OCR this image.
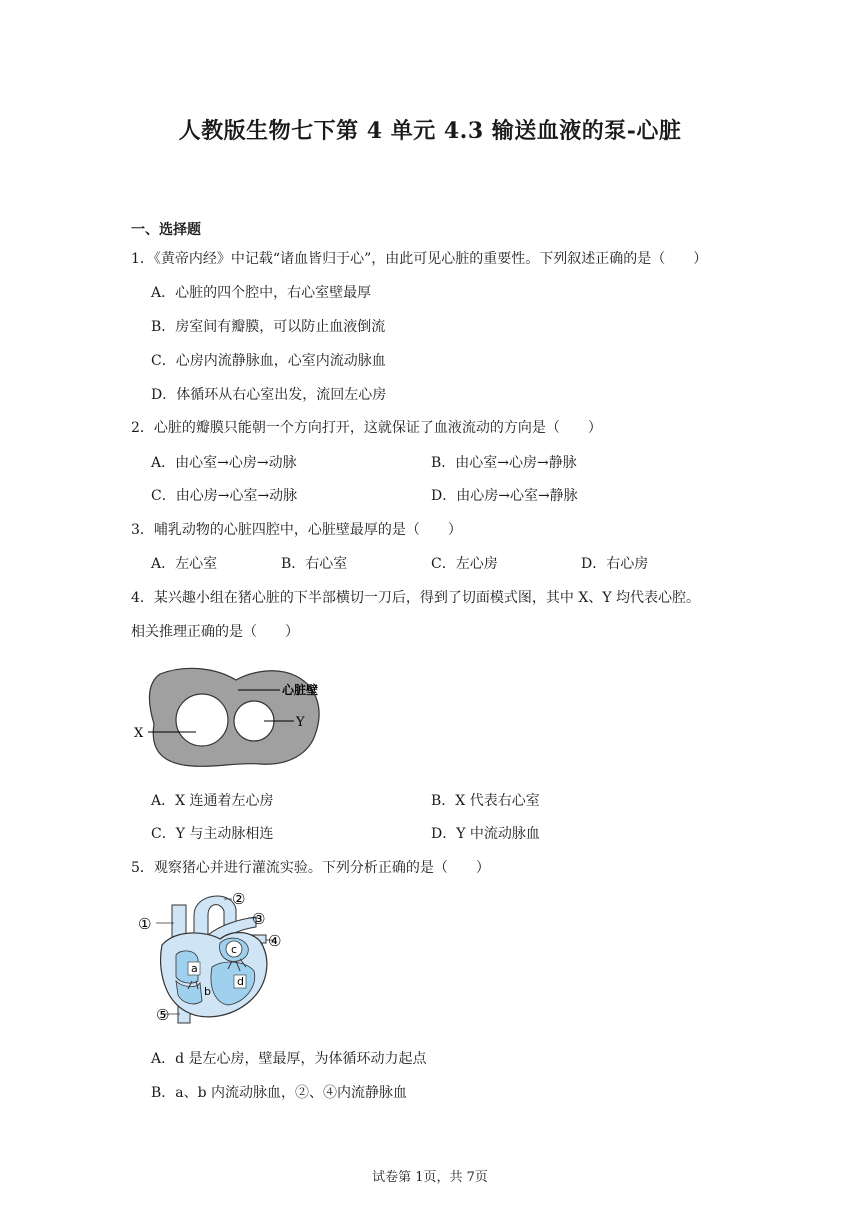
人教版生物七下第 4 单元 4.3 输送血液的泵-心脏
一、选择题
1．《黄帝内经》中记载“诸血皆归于心”，由此可见心脏的重要性。下列叙述正确的是（　　）
A．心脏的四个腔中，右心室壁最厚
B．房室间有瓣膜，可以防止血液倒流
C．心房内流静脉血，心室内流动脉血
D．体循环从右心室出发，流回左心房
2．心脏的瓣膜只能朝一个方向打开，这就保证了血液流动的方向是（　　）
A．由心室→心房→动脉	B．由心室→心房→静脉
C．由心房→心室→动脉	D．由心房→心室→静脉
3．哺乳动物的心脏四腔中，心脏壁最厚的是（　　）
A．左心室	B．右心室	C．左心房	D．右心房
4．某兴趣小组在猪心脏的下半部横切一刀后，得到了切面模式图，其中 X、Y 均代表心腔。
相关推理正确的是（　　）
心脏壁
X
Y
A．X 连通着左心房	B．X 代表右心室
C．Y 与主动脉相连	D．Y 中流动脉血
5．观察猪心并进行灌流实验。下列分析正确的是（　　）
a
b
c
d
①
②
③
④
⑤
A．d 是左心房，壁最厚，为体循环动力起点
B．a、b 内流动脉血，②、④内流静脉血
试卷第 1页，共 7页
